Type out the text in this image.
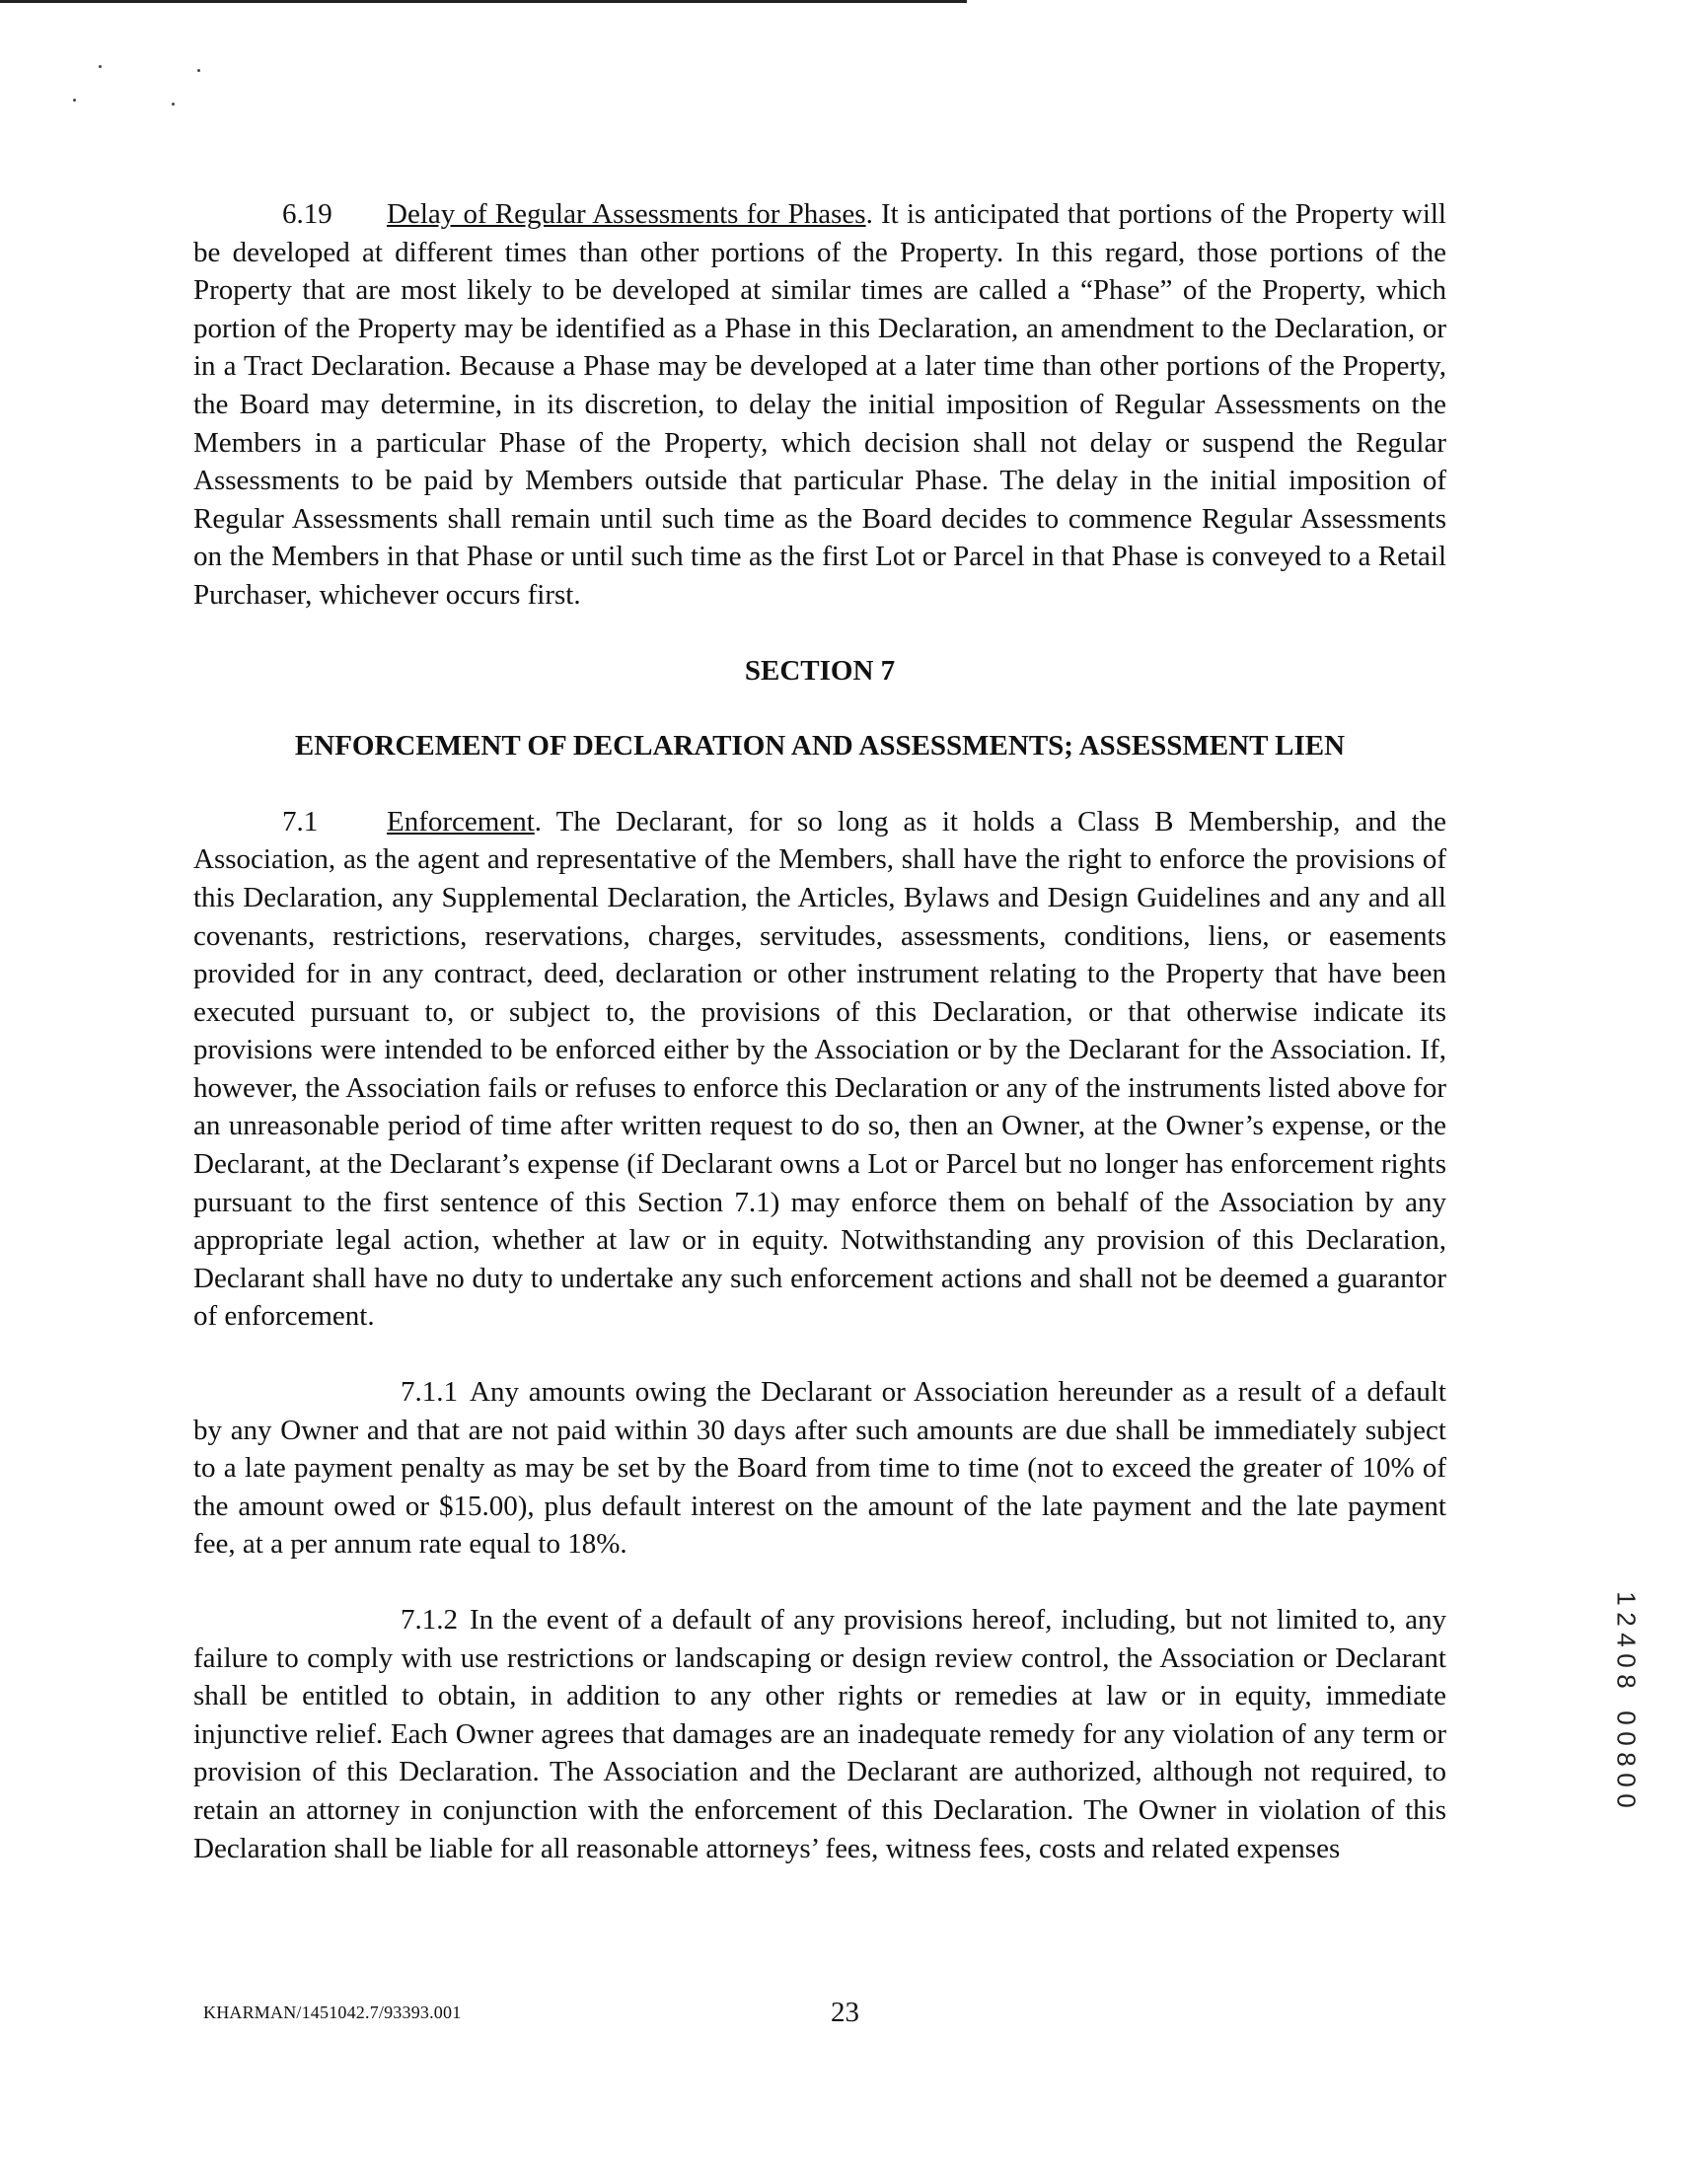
6.19 Delay of Regular Assessments for Phases. It is anticipated that portions of the Property will be developed at different times than other portions of the Property. In this regard, those portions of the Property that are most likely to be developed at similar times are called a “Phase” of the Property, which portion of the Property may be identified as a Phase in this Declaration, an amendment to the Declaration, or in a Tract Declaration. Because a Phase may be developed at a later time than other portions of the Property, the Board may determine, in its discretion, to delay the initial imposition of Regular Assessments on the Members in a particular Phase of the Property, which decision shall not delay or suspend the Regular Assessments to be paid by Members outside that particular Phase. The delay in the initial imposition of Regular Assessments shall remain until such time as the Board decides to commence Regular Assessments on the Members in that Phase or until such time as the first Lot or Parcel in that Phase is conveyed to a Retail Purchaser, whichever occurs first.

SECTION 7

ENFORCEMENT OF DECLARATION AND ASSESSMENTS; ASSESSMENT LIEN

7.1 Enforcement. The Declarant, for so long as it holds a Class B Membership, and the Association, as the agent and representative of the Members, shall have the right to enforce the provisions of this Declaration, any Supplemental Declaration, the Articles, Bylaws and Design Guidelines and any and all covenants, restrictions, reservations, charges, servitudes, assessments, conditions, liens, or easements provided for in any contract, deed, declaration or other instrument relating to the Property that have been executed pursuant to, or subject to, the provisions of this Declaration, or that otherwise indicate its provisions were intended to be enforced either by the Association or by the Declarant for the Association. If, however, the Association fails or refuses to enforce this Declaration or any of the instruments listed above for an unreasonable period of time after written request to do so, then an Owner, at the Owner’s expense, or the Declarant, at the Declarant’s expense (if Declarant owns a Lot or Parcel but no longer has enforcement rights pursuant to the first sentence of this Section 7.1) may enforce them on behalf of the Association by any appropriate legal action, whether at law or in equity. Notwithstanding any provision of this Declaration, Declarant shall have no duty to undertake any such enforcement actions and shall not be deemed a guarantor of enforcement.

7.1.1 Any amounts owing the Declarant or Association hereunder as a result of a default by any Owner and that are not paid within 30 days after such amounts are due shall be immediately subject to a late payment penalty as may be set by the Board from time to time (not to exceed the greater of 10% of the amount owed or $15.00), plus default interest on the amount of the late payment and the late payment fee, at a per annum rate equal to 18%.

7.1.2 In the event of a default of any provisions hereof, including, but not limited to, any failure to comply with use restrictions or landscaping or design review control, the Association or Declarant shall be entitled to obtain, in addition to any other rights or remedies at law or in equity, immediate injunctive relief. Each Owner agrees that damages are an inadequate remedy for any violation of any term or provision of this Declaration. The Association and the Declarant are authorized, although not required, to retain an attorney in conjunction with the enforcement of this Declaration. The Owner in violation of this Declaration shall be liable for all reasonable attorneys’ fees, witness fees, costs and related expenses

KHARMAN/1451042.7/93393.001	23
1
2
4
0
8
0
0
8
0
0
